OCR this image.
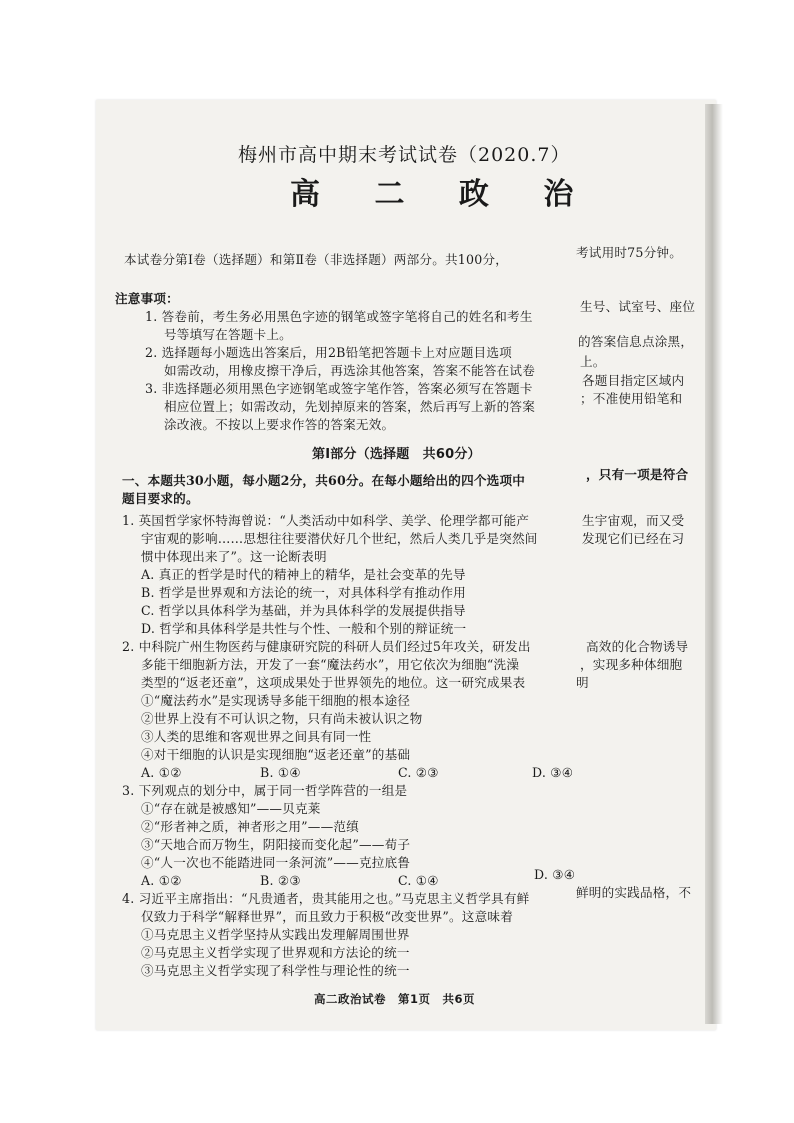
梅州市高中期末考试试卷（2020.7）
高 二 政 治
本试卷分第Ⅰ卷（选择题）和第Ⅱ卷（非选择题）两部分。共100分，	考试用时75分钟。
注意事项：
1. 答卷前，考生务必用黑色字迹的钢笔或签字笔将自己的姓名和考生
号等填写在答题卡上。
2. 选择题每小题选出答案后，用2B铅笔把答题卡上对应题目选项
如需改动，用橡皮擦干净后，再选涂其他答案，答案不能答在试卷
3. 非选择题必须用黑色字迹钢笔或签字笔作答，答案必须写在答题卡
相应位置上；如需改动，先划掉原来的答案，然后再写上新的答案
涂改液。不按以上要求作答的答案无效。
生号、试室号、座位
的答案信息点涂黑，
上。
各题目指定区域内
；不准使用铅笔和
第Ⅰ部分（选择题　共60分）
一、本题共30小题，每小题2分，共60分。在每小题给出的四个选项中	，只有一项是符合
题目要求的。
1. 英国哲学家怀特海曾说：“人类活动中如科学、美学、伦理学都可能产
宇宙观的影响……思想往往要潜伏好几个世纪，然后人类几乎是突然间
惯中体现出来了”。这一论断表明
生宇宙观，而又受
发现它们已经在习
A. 真正的哲学是时代的精神上的精华，是社会变革的先导
B. 哲学是世界观和方法论的统一，对具体科学有推动作用
C. 哲学以具体科学为基础，并为具体科学的发展提供指导
D. 哲学和具体科学是共性与个性、一般和个别的辩证统一
2. 中科院广州生物医药与健康研究院的科研人员们经过5年攻关，研发出
多能干细胞新方法，开发了一套“魔法药水”，用它依次为细胞“洗澡
类型的“返老还童”，这项成果处于世界领先的地位。这一研究成果表
高效的化合物诱导
，实现多种体细胞
明
①“魔法药水”是实现诱导多能干细胞的根本途径
②世界上没有不可认识之物，只有尚未被认识之物
③人类的思维和客观世界之间具有同一性
④对干细胞的认识是实现细胞“返老还童”的基础
A. ①②	B. ①④	C. ②③	D. ③④
3. 下列观点的划分中，属于同一哲学阵营的一组是
①“存在就是被感知”——贝克莱
②“形者神之质，神者形之用”——范缜
③“天地合而万物生，阴阳接而变化起”——荀子
④“人一次也不能踏进同一条河流”——克拉底鲁
A. ①②	B. ②③	C. ①④	D. ③④
4. 习近平主席指出：“凡贵通者，贵其能用之也。”马克思主义哲学具有鲜
仅致力于科学“解释世界”，而且致力于积极“改变世界”。这意味着
鲜明的实践品格，不
①马克思主义哲学坚持从实践出发理解周围世界
②马克思主义哲学实现了世界观和方法论的统一
③马克思主义哲学实现了科学性与理论性的统一
高二政治试卷　第1页　共6页
